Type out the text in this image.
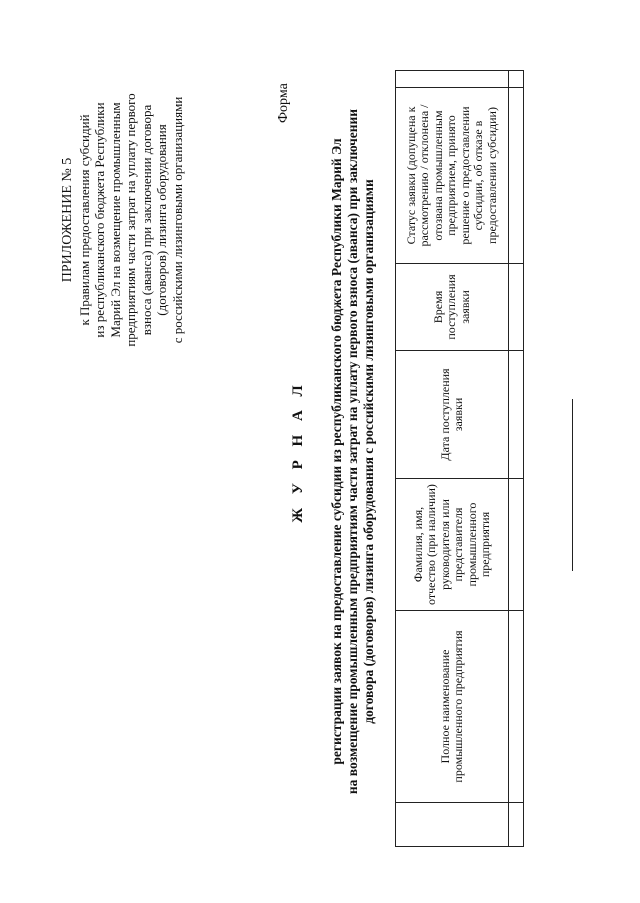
ПРИЛОЖЕНИЕ № 5 к Правилам предоставления субсидий из республиканского бюджета Республики Марий Эл на возмещение промышленным предприятиям части затрат на уплату первого взноса (аванса) при заключении договора (договоров) лизинга оборудования с российскими лизинговыми организациями	Форма
Ж У Р Н А Л регистрации заявок на предоставление субсидии из республиканского бюджета Республики Марий Эл на возмещение промышленным предприятиям части затрат на уплату первого взноса (аванса) при заключении договора (договоров) лизинга оборудования с российскими лизинговыми организациями
		Полное наименование промышленного предприятия	Фамилия, имя, отчество (при наличии) руководителя или представителя промышленного предприятия	Дата поступления заявки	Время поступления заявки	Статус заявки (допущена к рассмотрению / отклонена / отозвана промышленным предприятием, принято решение о предоставлении субсидии, об отказе в предоставлении субсидии)	
